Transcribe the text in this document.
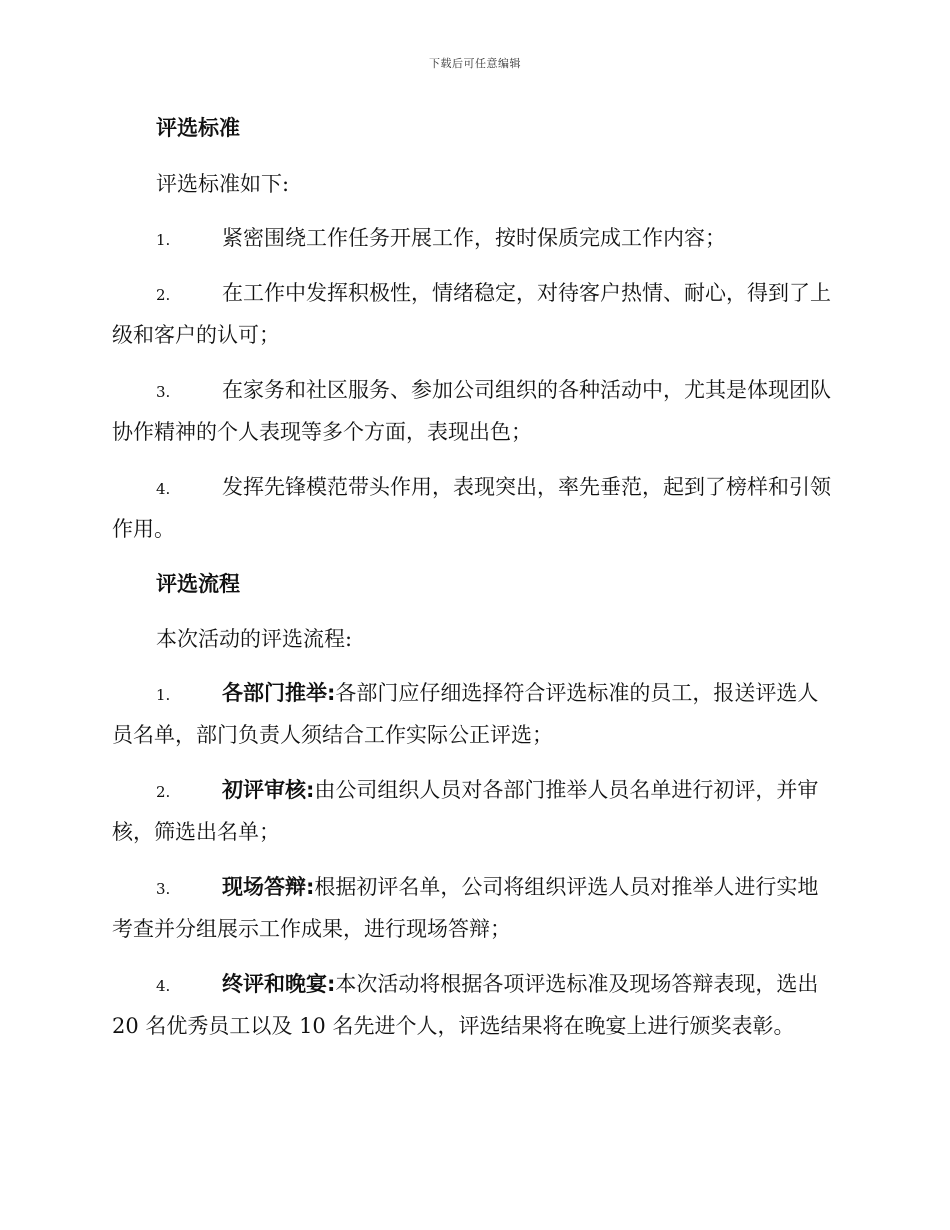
下载后可任意编辑
评选标准
评选标准如下:
1. 紧密围绕工作任务开展工作，按时保质完成工作内容；
2. 在工作中发挥积极性，情绪稳定，对待客户热情、耐心，得到了上级和客户的认可；
3. 在家务和社区服务、参加公司组织的各种活动中，尤其是体现团队协作精神的个人表现等多个方面，表现出色；
4. 发挥先锋模范带头作用，表现突出，率先垂范，起到了榜样和引领作用。
评选流程
本次活动的评选流程:
1. 各部门推举:各部门应仔细选择符合评选标准的员工，报送评选人员名单，部门负责人须结合工作实际公正评选；
2. 初评审核:由公司组织人员对各部门推举人员名单进行初评，并审核，筛选出名单；
3. 现场答辩:根据初评名单，公司将组织评选人员对推举人进行实地考查并分组展示工作成果，进行现场答辩；
4. 终评和晚宴:本次活动将根据各项评选标准及现场答辩表现，选出 20 名优秀员工以及 10 名先进个人，评选结果将在晚宴上进行颁奖表彰。
